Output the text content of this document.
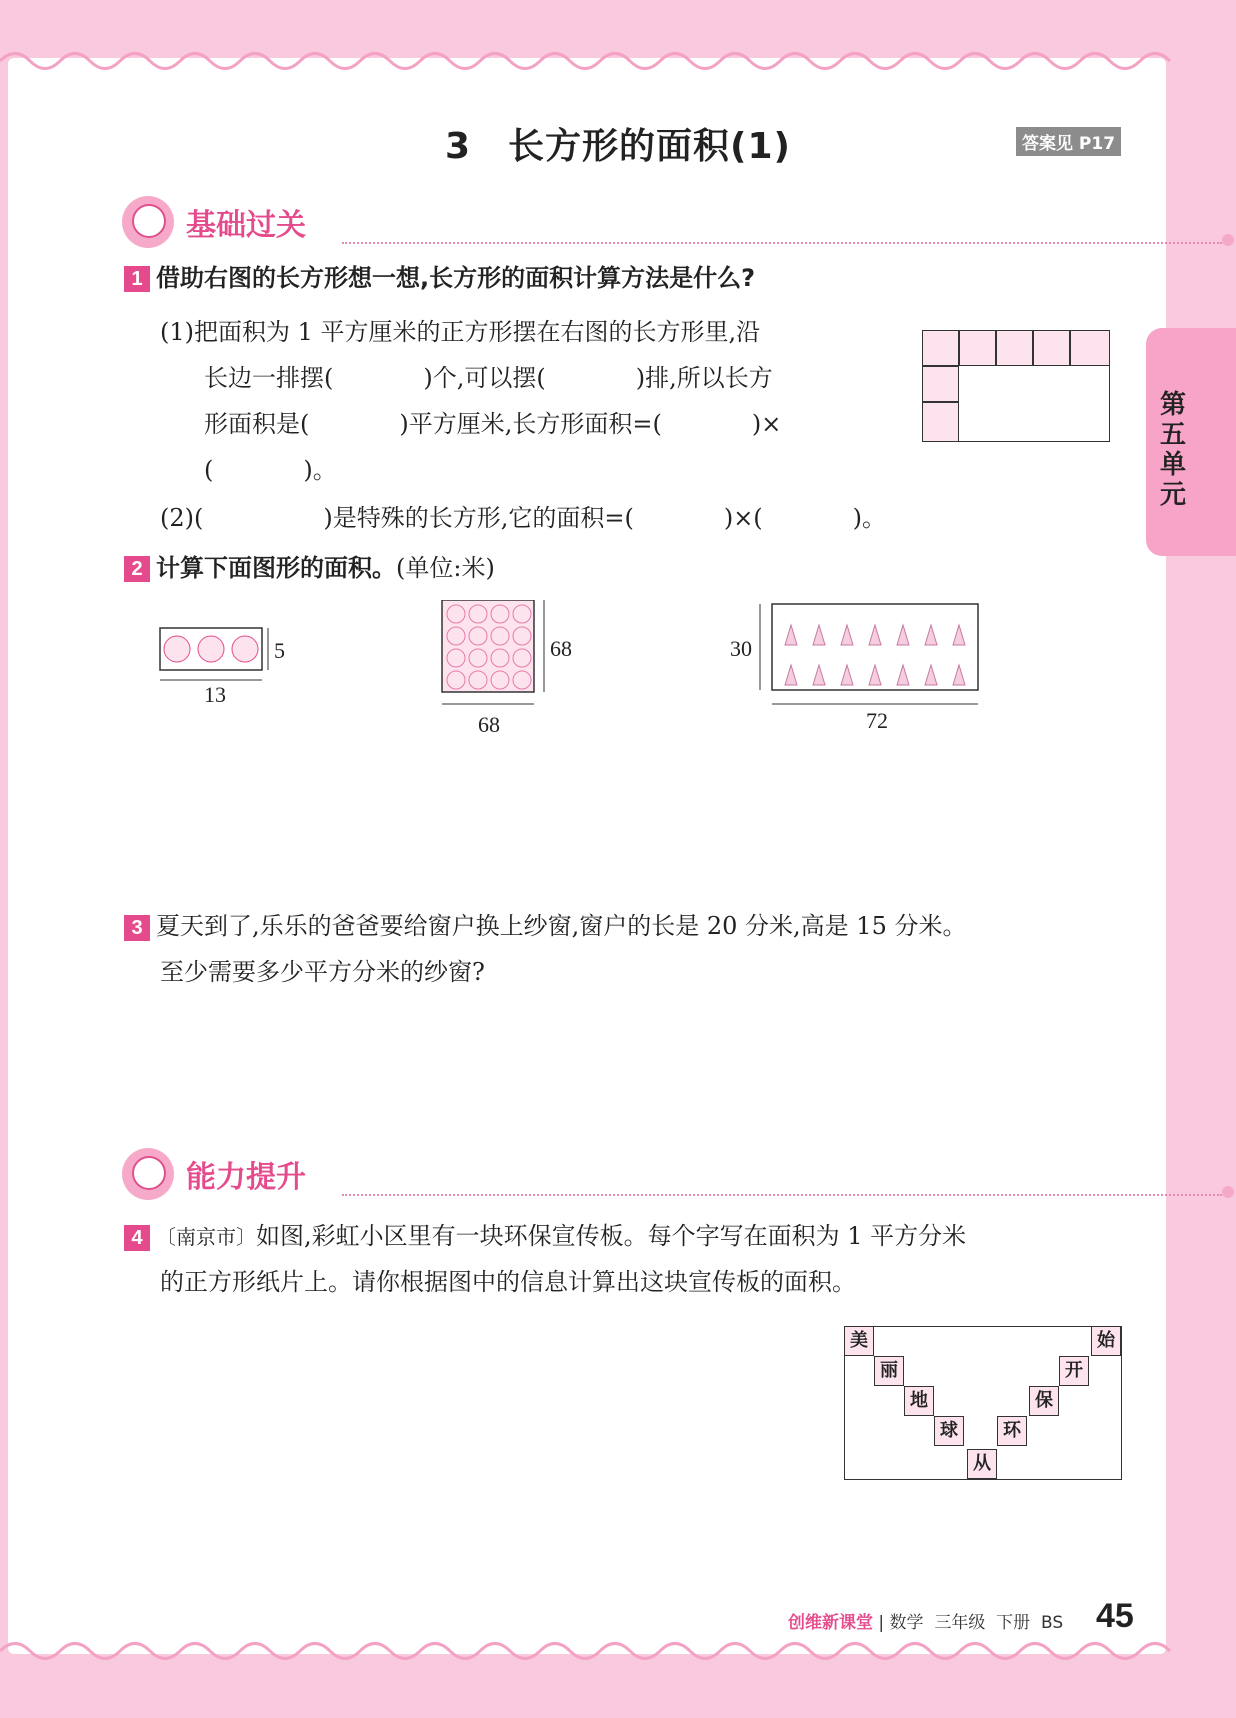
3　长方形的面积(1)	答案见 P17
第五单元
基础过关
1 借助右图的长方形想一想,长方形的面积计算方法是什么?
(1)把面积为 1 平方厘米的正方形摆在右图的长方形里,沿
长边一排摆(	)个,可以摆(	)排,所以长方
形面积是(	)平方厘米,长方形面积=(	)×
(	)。
(2)(	)是特殊的长方形,它的面积=(	)×(	)。
2 计算下面图形的面积。(单位:米)
5
13
68
68
30
72
3 夏天到了,乐乐的爸爸要给窗户换上纱窗,窗户的长是 20 分米,高是 15 分米。
至少需要多少平方分米的纱窗?
能力提升
4 〔南京市〕如图,彩虹小区里有一块环保宣传板。每个字写在面积为 1 平方分米
的正方形纸片上。请你根据图中的信息计算出这块宣传板的面积。
美
丽
地
球
从
环
保
开
始
创维新课堂 | 数学 三年级 下册 BS 45
